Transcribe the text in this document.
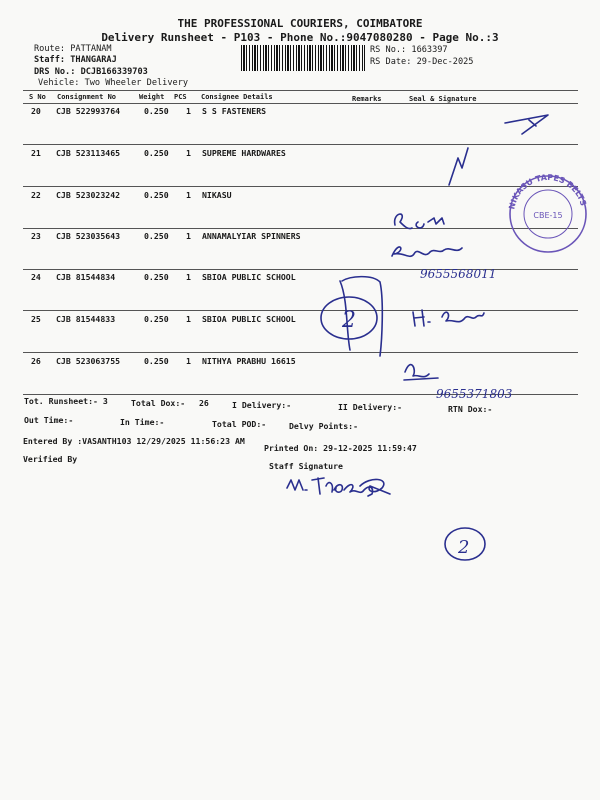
THE PROFESSIONAL COURIERS, COIMBATORE
Delivery Runsheet - P103 - Phone No.:9047080280 - Page No.:3
Route: PATTANAM
Staff: THANGARAJ
DRS No.: DCJB166339703
Vehicle: Two Wheeler Delivery
RS No.: 1663397
RS Date: 29-Dec-2025
S No Consignment No	Weight PCS Consignee Details	Remarks	Seal & Signature
20 CJB 522993764	0.250 1 S S FASTENERS
21 CJB 523113465	0.250 1 SUPREME HARDWARES
22 CJB 523023242	0.250 1 NIKASU
23 CJB 523035643	0.250 1 ANNAMALYIAR SPINNERS
24 CJB 81544834	0.250 1 SBIOA PUBLIC SCHOOL
25 CJB 81544833	0.250 1 SBIOA PUBLIC SCHOOL
26 CJB 523063755	0.250 1 NITHYA PRABHU 16615
Tot. Runsheet:- 3	Total Dox:- 26	I Delivery:-	II Delivery:-	RTN Dox:-
Out Time:-	In Time:-	Total POD:-	Delvy Points:-
Entered By :VASANTH103 12/29/2025 11:56:23 AM
Printed On: 29-12-2025 11:59:47
Verified By
Staff Signature
NIKASU TAPES BELTS
CBE-15
9655568011
2
9655371803
2
